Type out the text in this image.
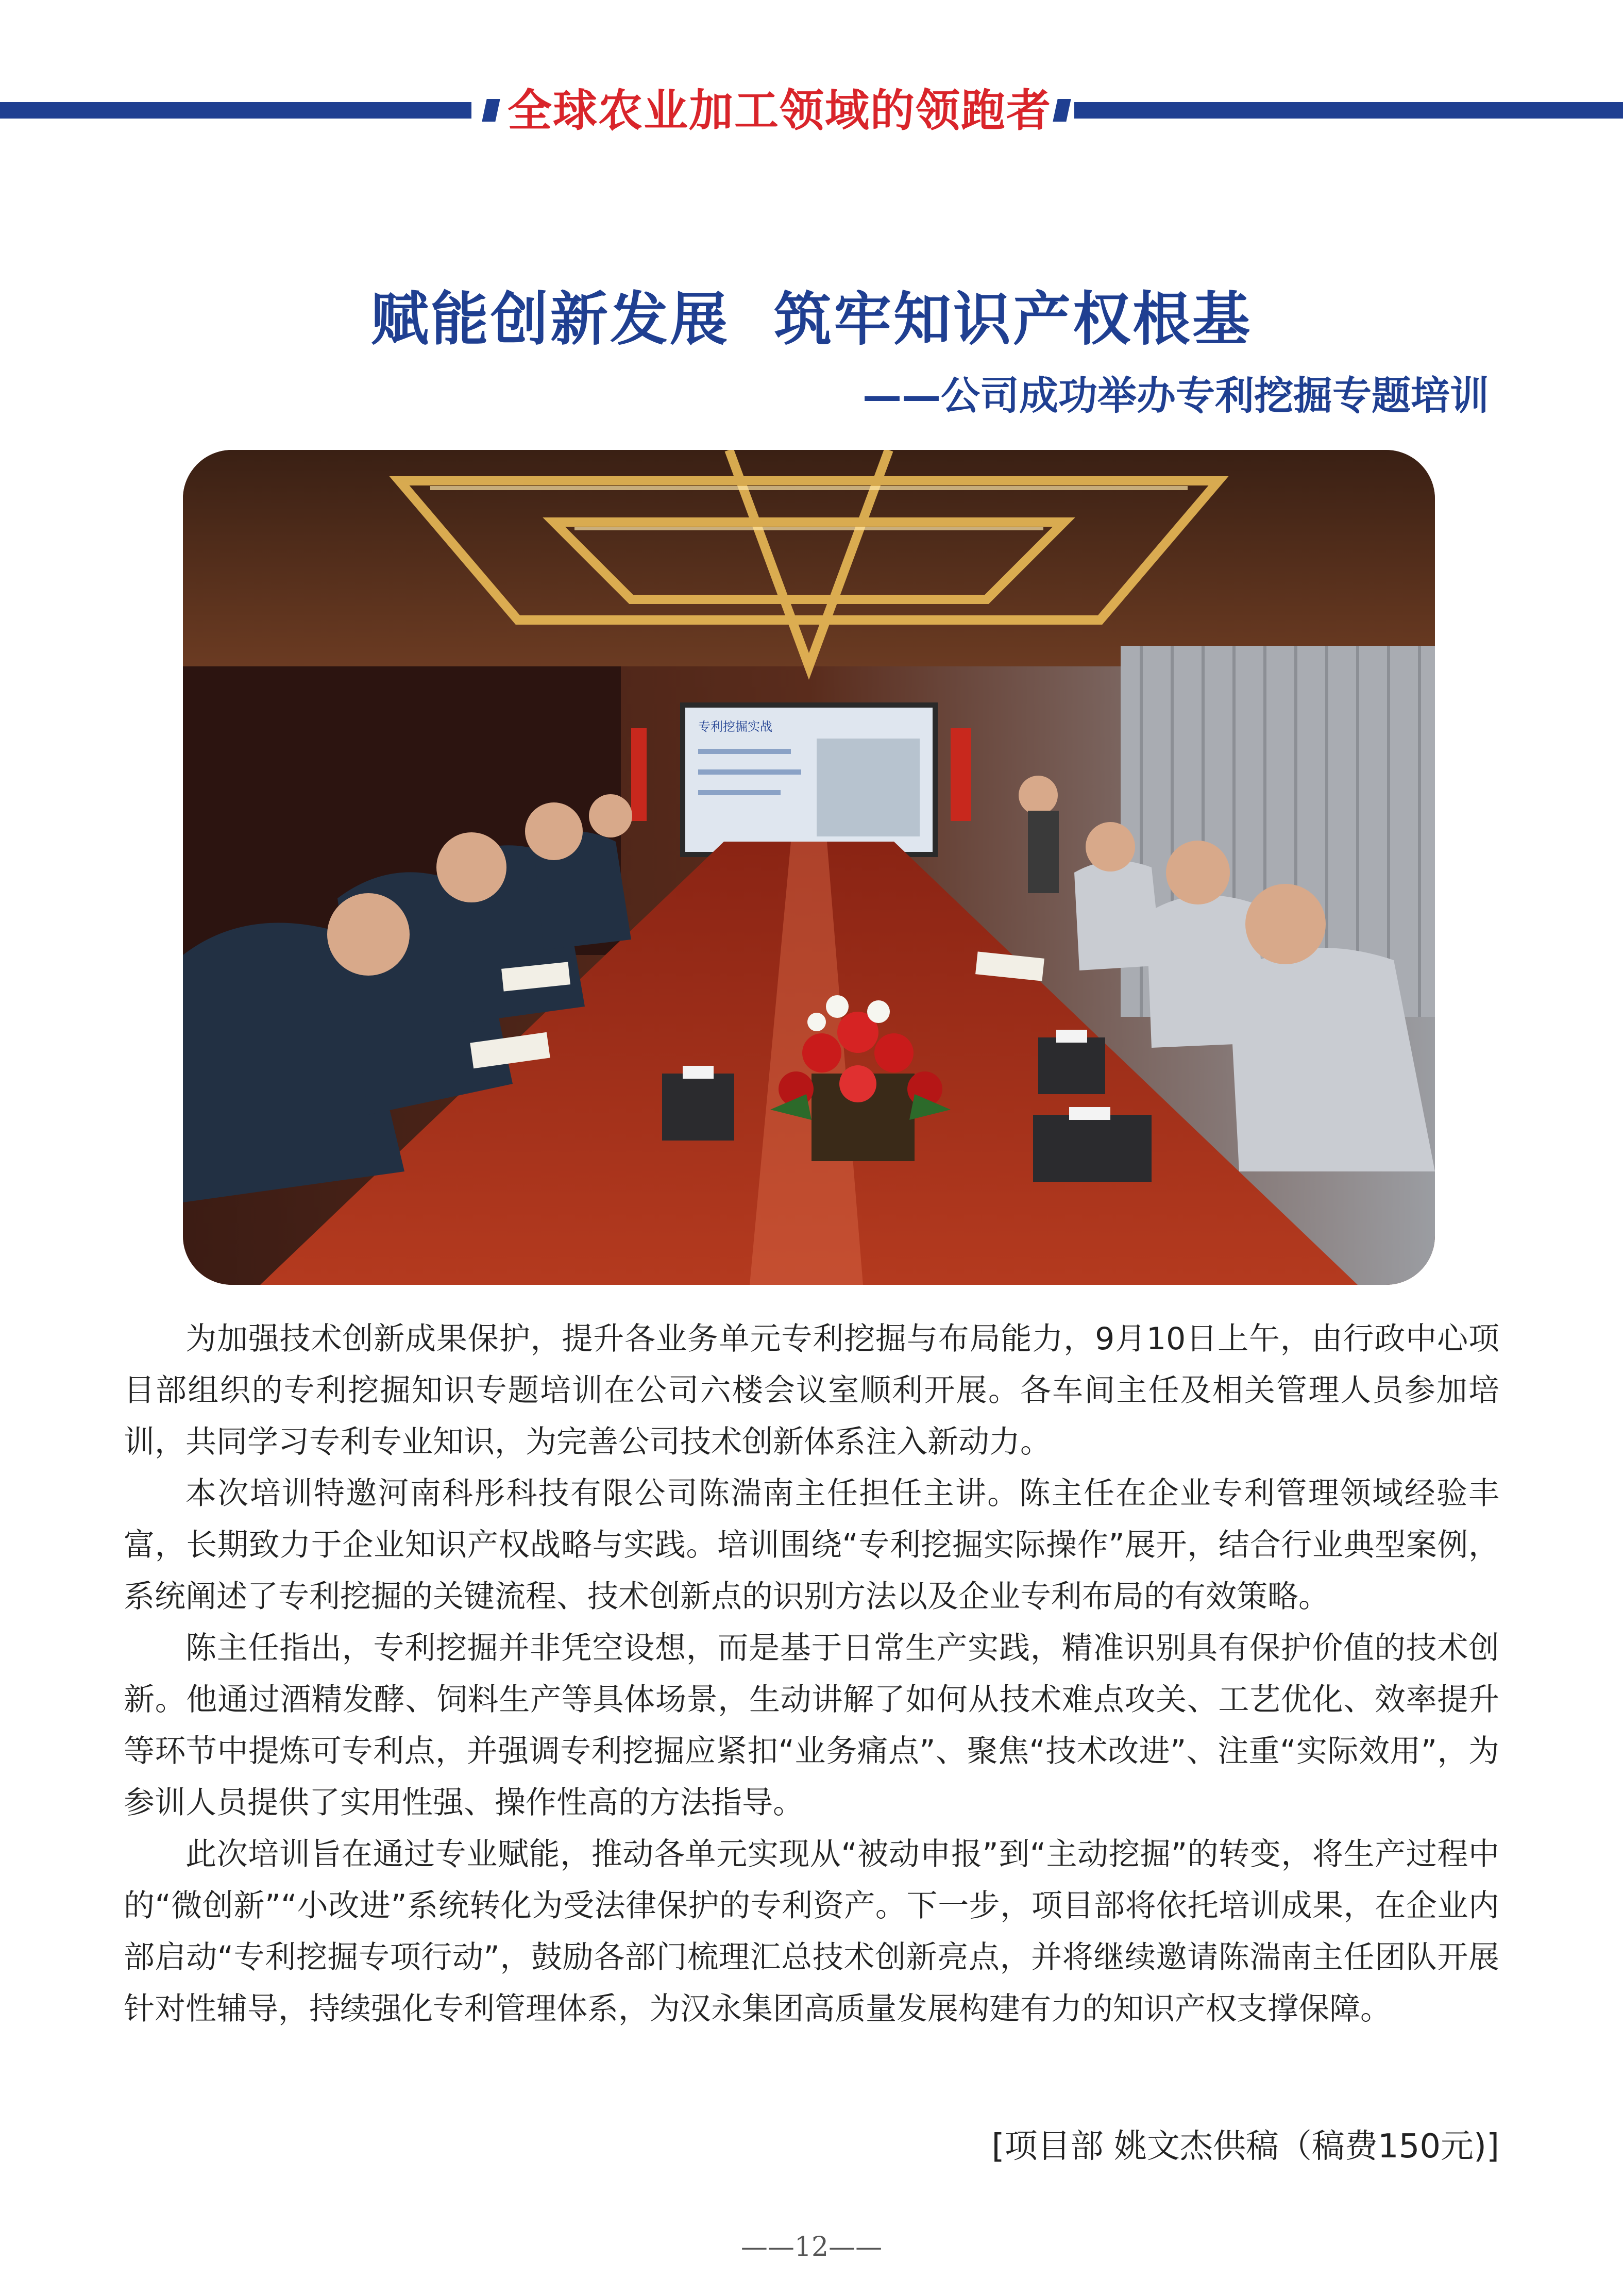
全球农业加工领域的领跑者
赋能创新发展  筑牢知识产权根基
——公司成功举办专利挖掘专题培训
专利挖掘实战

为加强技术创新成果保护，提升各业务单元专利挖掘与布局能力，9月10日上午，由行政中心项目部组织的专利挖掘知识专题培训在公司六楼会议室顺利开展。各车间主任及相关管理人员参加培训，共同学习专利专业知识，为完善公司技术创新体系注入新动力。

本次培训特邀河南科彤科技有限公司陈湍南主任担任主讲。陈主任在企业专利管理领域经验丰富，长期致力于企业知识产权战略与实践。培训围绕“专利挖掘实际操作”展开，结合行业典型案例，系统阐述了专利挖掘的关键流程、技术创新点的识别方法以及企业专利布局的有效策略。

陈主任指出，专利挖掘并非凭空设想，而是基于日常生产实践，精准识别具有保护价值的技术创新。他通过酒精发酵、饲料生产等具体场景，生动讲解了如何从技术难点攻关、工艺优化、效率提升等环节中提炼可专利点，并强调专利挖掘应紧扣“业务痛点”、聚焦“技术改进”、注重“实际效用”，为参训人员提供了实用性强、操作性高的方法指导。

此次培训旨在通过专业赋能，推动各单元实现从“被动申报”到“主动挖掘”的转变，将生产过程中的“微创新”“小改进”系统转化为受法律保护的专利资产。下一步，项目部将依托培训成果，在企业内部启动“专利挖掘专项行动”，鼓励各部门梳理汇总技术创新亮点，并将继续邀请陈湍南主任团队开展针对性辅导，持续强化专利管理体系，为汉永集团高质量发展构建有力的知识产权支撑保障。

[项目部 姚文杰供稿（稿费150元)]
——12——
